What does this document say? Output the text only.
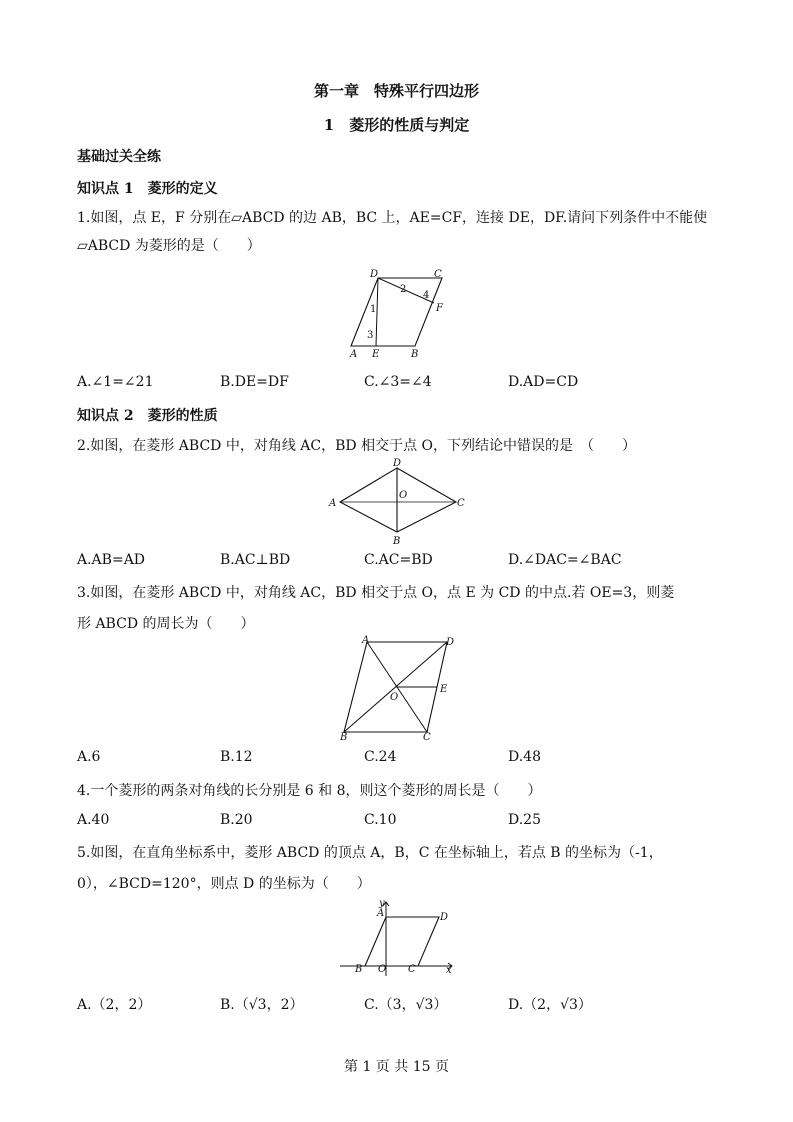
第一章　特殊平行四边形
1　菱形的性质与判定
基础过关全练
知识点 1　菱形的定义
1.如图，点 E，F 分别在▱ABCD 的边 AB，BC 上，AE=CF，连接 DE，DF.请问下列条件中不能使▱ABCD 为菱形的是（　　）
D	C
2
4
F
1
3
A E	B
A.∠1=∠21	B.DE=DF	C.∠3=∠4	D.AD=CD
知识点 2　菱形的性质
2.如图，在菱形 ABCD 中，对角线 AC，BD 相交于点 O，下列结论中错误的是　（　　）
D
A
O
C
B
A.AB=AD	B.AC⊥BD	C.AC=BD	D.∠DAC=∠BAC
3.如图，在菱形 ABCD 中，对角线 AC，BD 相交于点 O，点 E 为 CD 的中点.若 OE=3，则菱
形 ABCD 的周长为（　　）
A	D
O
E
B	C
A.6	B.12	C.24	D.48
4.一个菱形的两条对角线的长分别是 6 和 8，则这个菱形的周长是（　　）
A.40	B.20	C.10	D.25
5.如图，在直角坐标系中，菱形 ABCD 的顶点 A，B，C 在坐标轴上，若点 B 的坐标为（-1，
0），∠BCD=120°，则点 D 的坐标为（　　）
y
A	D
B O C	x
A.（2，2）	B.（√3，2）	C.（3，√3）	D.（2，√3）
第 1 页 共 15 页
